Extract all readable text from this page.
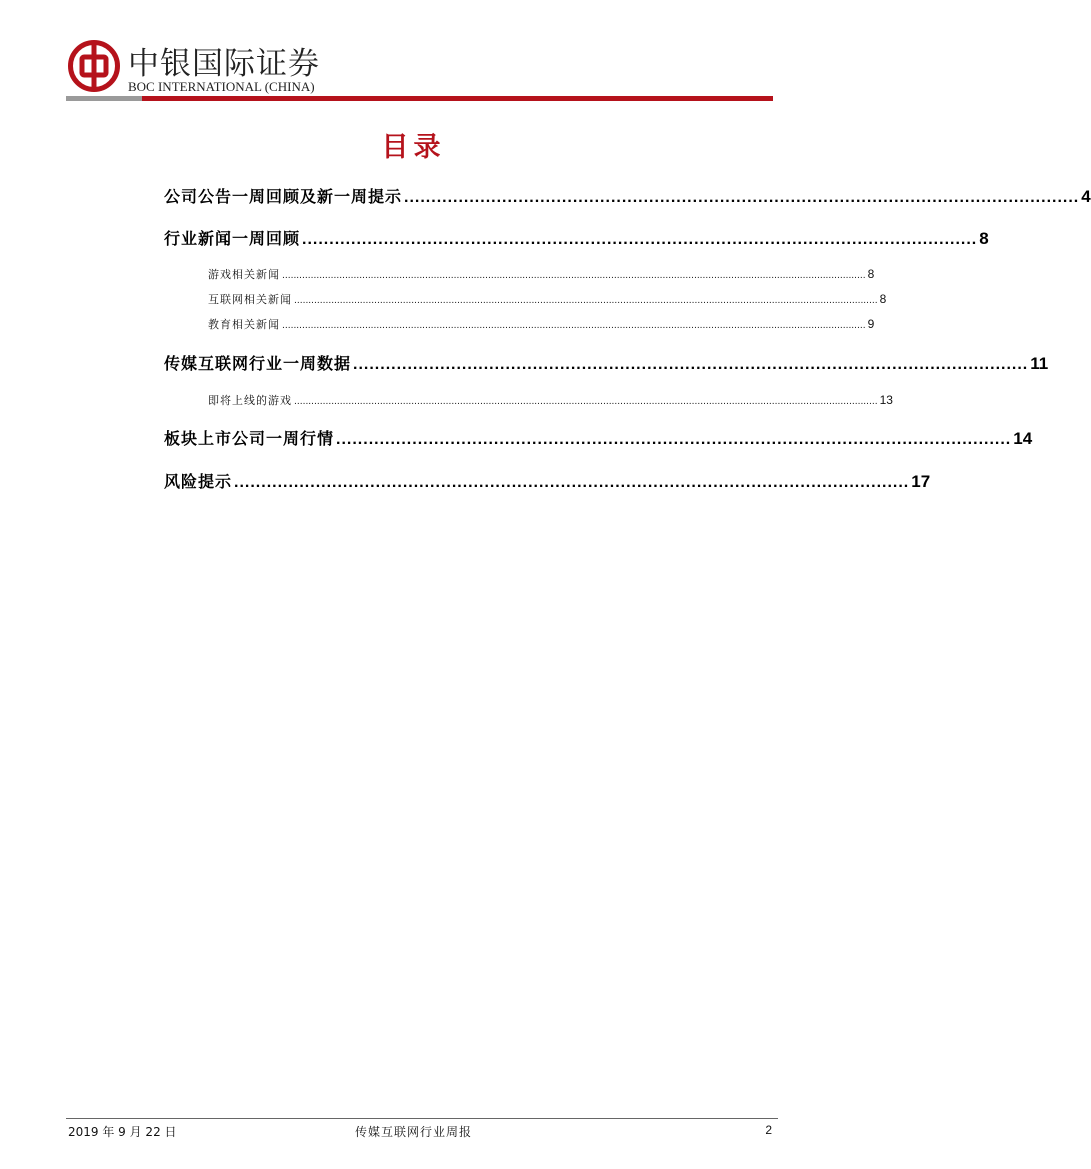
中银国际证券
BOC INTERNATIONAL (CHINA)
目录
公司公告一周回顾及新一周提示 ............................................................................................................................ 4
行业新闻一周回顾 ............................................................................................................................ 8
游戏相关新闻 ............................................................................................................................................................................................................ 8
互联网相关新闻 ............................................................................................................................................................................................................ 8
教育相关新闻 ............................................................................................................................................................................................................ 9
传媒互联网行业一周数据 ............................................................................................................................ 11
即将上线的游戏 ............................................................................................................................................................................................................ 13
板块上市公司一周行情 ............................................................................................................................ 14
风险提示 ............................................................................................................................ 17
2019 年 9 月 22 日	传媒互联网行业周报	2
